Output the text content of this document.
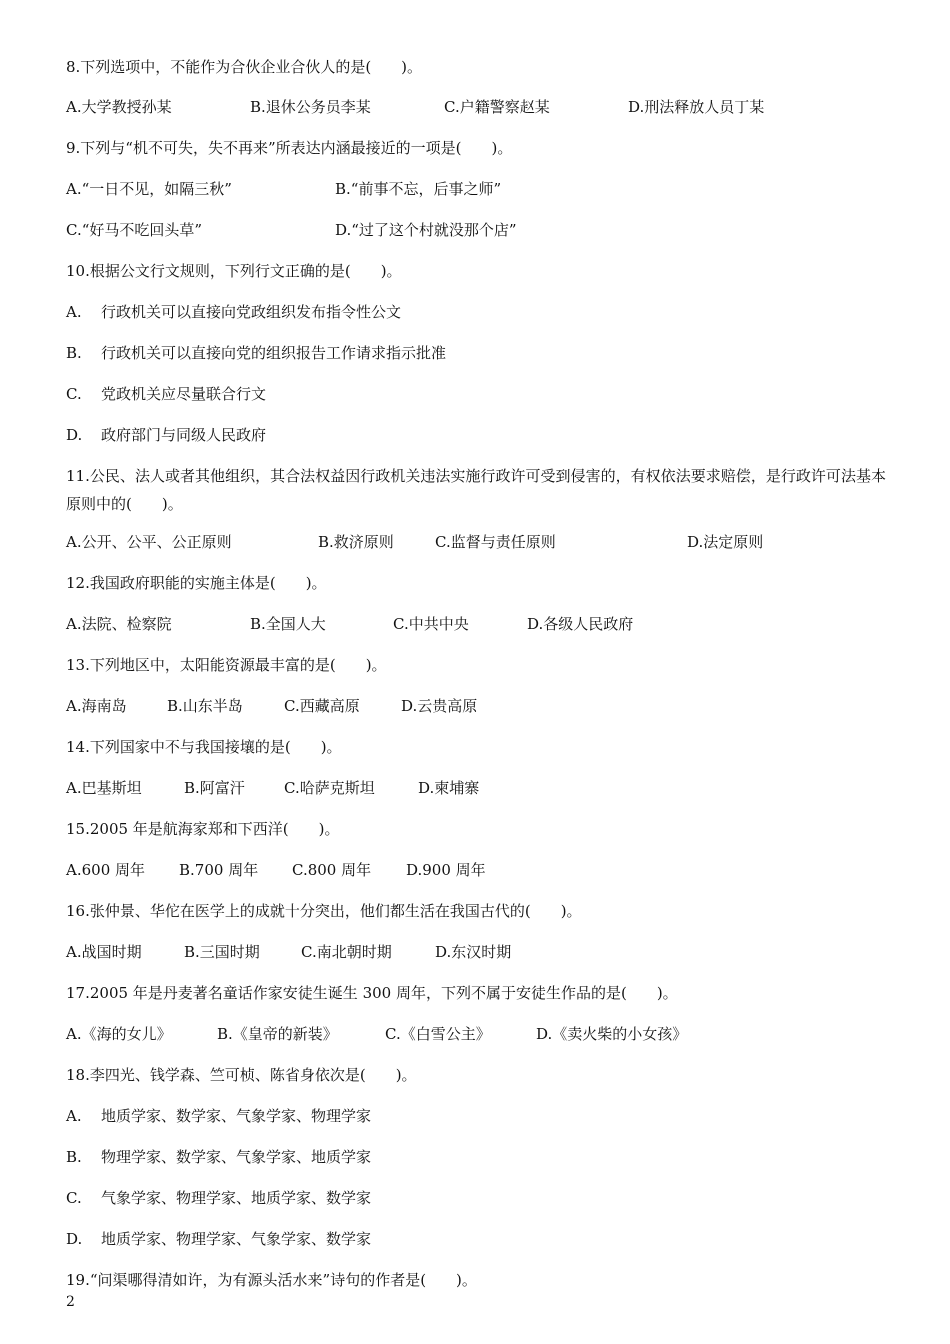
8.下列选项中，不能作为合伙企业合伙人的是(　　)。
A.大学教授孙某	B.退休公务员李某	C.户籍警察赵某	D.刑法释放人员丁某
9.下列与“机不可失，失不再来”所表达内涵最接近的一项是(　　)。
A.“一日不见，如隔三秋”	B.“前事不忘，后事之师”
C.“好马不吃回头草”	D.“过了这个村就没那个店”
10.根据公文行文规则，下列行文正确的是(　　)。
A. 行政机关可以直接向党政组织发布指令性公文
B. 行政机关可以直接向党的组织报告工作请求指示批准
C. 党政机关应尽量联合行文
D. 政府部门与同级人民政府
11.公民、法人或者其他组织，其合法权益因行政机关违法实施行政许可受到侵害的，有权依法要求赔偿，是行政许可法基本原则中的(　　)。
A.公开、公平、公正原则	B.救济原则	C.监督与责任原则	D.法定原则
12.我国政府职能的实施主体是(　　)。
A.法院、检察院	B.全国人大	C.中共中央	D.各级人民政府
13.下列地区中，太阳能资源最丰富的是(　　)。
A.海南岛	B.山东半岛	C.西藏高原	D.云贵高原
14.下列国家中不与我国接壤的是(　　)。
A.巴基斯坦	B.阿富汗	C.哈萨克斯坦	D.柬埔寨
15.2005 年是航海家郑和下西洋(　　)。
A.600 周年 B.700 周年 C.800 周年 D.900 周年
16.张仲景、华佗在医学上的成就十分突出，他们都生活在我国古代的(　　)。
A.战国时期	B.三国时期	C.南北朝时期	D.东汉时期
17.2005 年是丹麦著名童话作家安徒生诞生 300 周年，下列不属于安徒生作品的是(　　)。
A.《海的女儿》	B.《皇帝的新装》	C.《白雪公主》	D.《卖火柴的小女孩》
18.李四光、钱学森、竺可桢、陈省身依次是(　　)。
A. 地质学家、数学家、气象学家、物理学家
B. 物理学家、数学家、气象学家、地质学家
C. 气象学家、物理学家、地质学家、数学家
D. 地质学家、物理学家、气象学家、数学家
19.“问渠哪得清如许，为有源头活水来”诗句的作者是(　　)。
2
